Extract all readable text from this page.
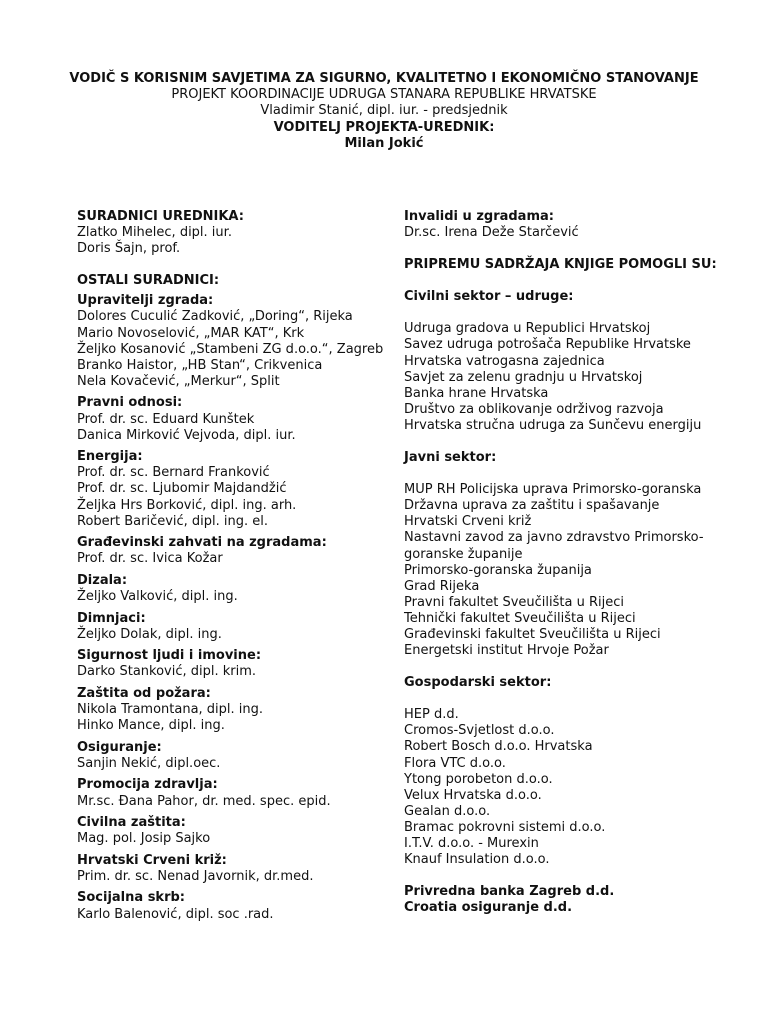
VODIČ S KORISNIM SAVJETIMA ZA SIGURNO, KVALITETNO I EKONOMIČNO STANOVANJE
PROJEKT KOORDINACIJE UDRUGA STANARA REPUBLIKE HRVATSKE
Vladimir Stanić, dipl. iur. - predsjednik
VODITELJ PROJEKTA-UREDNIK:
Milan Jokić
SURADNICI UREDNIKA:
Zlatko Mihelec, dipl. iur.
Doris Šajn, prof.
OSTALI SURADNICI:
Upravitelji zgrada:
Dolores Cuculić Zadković, „Doring“, Rijeka
Mario Novoselović, „MAR KAT“, Krk
Željko Kosanović „Stambeni ZG d.o.o.“, Zagreb
Branko Haistor, „HB Stan“, Crikvenica
Nela Kovačević, „Merkur“, Split
Pravni odnosi:
Prof. dr. sc. Eduard Kunštek
Danica Mirković Vejvoda, dipl. iur.
Energija:
Prof. dr. sc. Bernard Franković
Prof. dr. sc. Ljubomir Majdandžić
Željka Hrs Borković, dipl. ing. arh.
Robert Baričević, dipl. ing. el.
Građevinski zahvati na zgradama:
Prof. dr. sc. Ivica Kožar
Dizala:
Željko Valković, dipl. ing.
Dimnjaci:
Željko Dolak, dipl. ing.
Sigurnost ljudi i imovine:
Darko Stanković, dipl. krim.
Zaštita od požara:
Nikola Tramontana, dipl. ing.
Hinko Mance, dipl. ing.
Osiguranje:
Sanjin Nekić, dipl.oec.
Promocija zdravlja:
Mr.sc. Đana Pahor, dr. med. spec. epid.
Civilna zaštita:
Mag. pol. Josip Sajko
Hrvatski Crveni križ:
Prim. dr. sc. Nenad Javornik, dr.med.
Socijalna skrb:
Karlo Balenović, dipl. soc .rad.
Invalidi u zgradama:
Dr.sc. Irena Deže Starčević
PRIPREMU SADRŽAJA KNJIGE POMOGLI SU:
Civilni sektor – udruge:
Udruga gradova u Republici Hrvatskoj
Savez udruga potrošača Republike Hrvatske
Hrvatska vatrogasna zajednica
Savjet za zelenu gradnju u Hrvatskoj
Banka hrane Hrvatska
Društvo za oblikovanje održivog razvoja
Hrvatska stručna udruga za Sunčevu energiju
Javni sektor:
MUP RH Policijska uprava Primorsko-goranska
Državna uprava za zaštitu i spašavanje
Hrvatski Crveni križ
Nastavni zavod za javno zdravstvo Primorsko-
goranske županije
Primorsko-goranska županija
Grad Rijeka
Pravni fakultet Sveučilišta u Rijeci
Tehnički fakultet Sveučilišta u Rijeci
Građevinski fakultet Sveučilišta u Rijeci
Energetski institut Hrvoje Požar
Gospodarski sektor:
HEP d.d.
Cromos-Svjetlost d.o.o.
Robert Bosch d.o.o. Hrvatska
Flora VTC d.o.o.
Ytong porobeton d.o.o.
Velux Hrvatska d.o.o.
Gealan d.o.o.
Bramac pokrovni sistemi d.o.o.
I.T.V. d.o.o. - Murexin
Knauf Insulation d.o.o.
Privredna banka Zagreb d.d.
Croatia osiguranje d.d.
